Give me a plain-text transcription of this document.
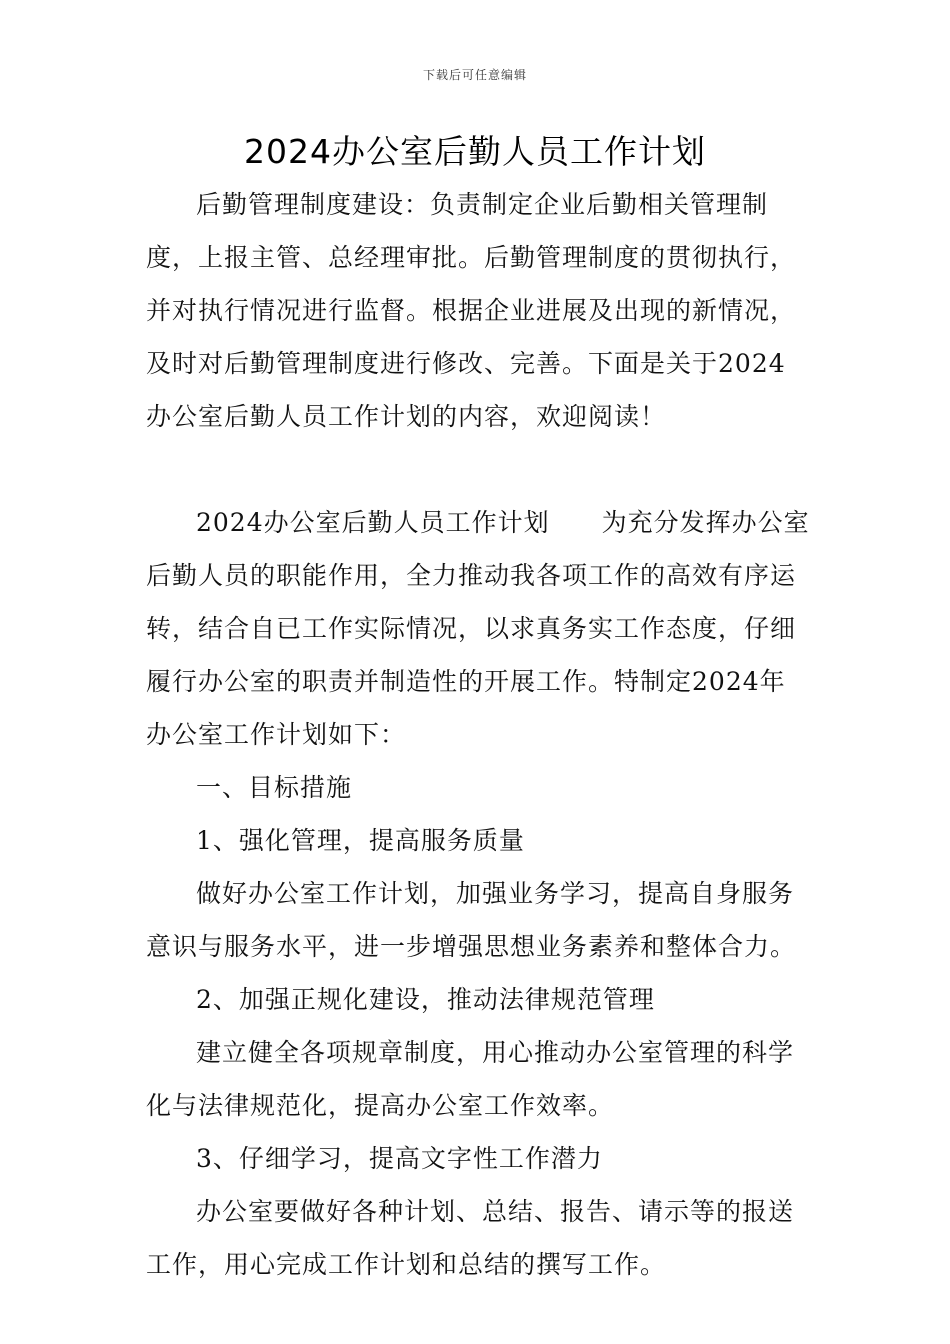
下载后可任意编辑
2024办公室后勤人员工作计划

后勤管理制度建设：负责制定企业后勤相关管理制度，上报主管、总经理审批。后勤管理制度的贯彻执行，并对执行情况进行监督。根据企业进展及出现的新情况，及时对后勤管理制度进行修改、完善。下面是关于2024办公室后勤人员工作计划的内容，欢迎阅读！

2024办公室后勤人员工作计划　　为充分发挥办公室后勤人员的职能作用，全力推动我各项工作的高效有序运转，结合自已工作实际情况，以求真务实工作态度，仔细履行办公室的职责并制造性的开展工作。特制定2024年办公室工作计划如下：

一、目标措施

1、强化管理，提高服务质量

做好办公室工作计划，加强业务学习，提高自身服务意识与服务水平，进一步增强思想业务素养和整体合力。

2、加强正规化建设，推动法律规范管理

建立健全各项规章制度，用心推动办公室管理的科学化与法律规范化，提高办公室工作效率。

3、仔细学习，提高文字性工作潜力

办公室要做好各种计划、总结、报告、请示等的报送工作，用心完成工作计划和总结的撰写工作。
